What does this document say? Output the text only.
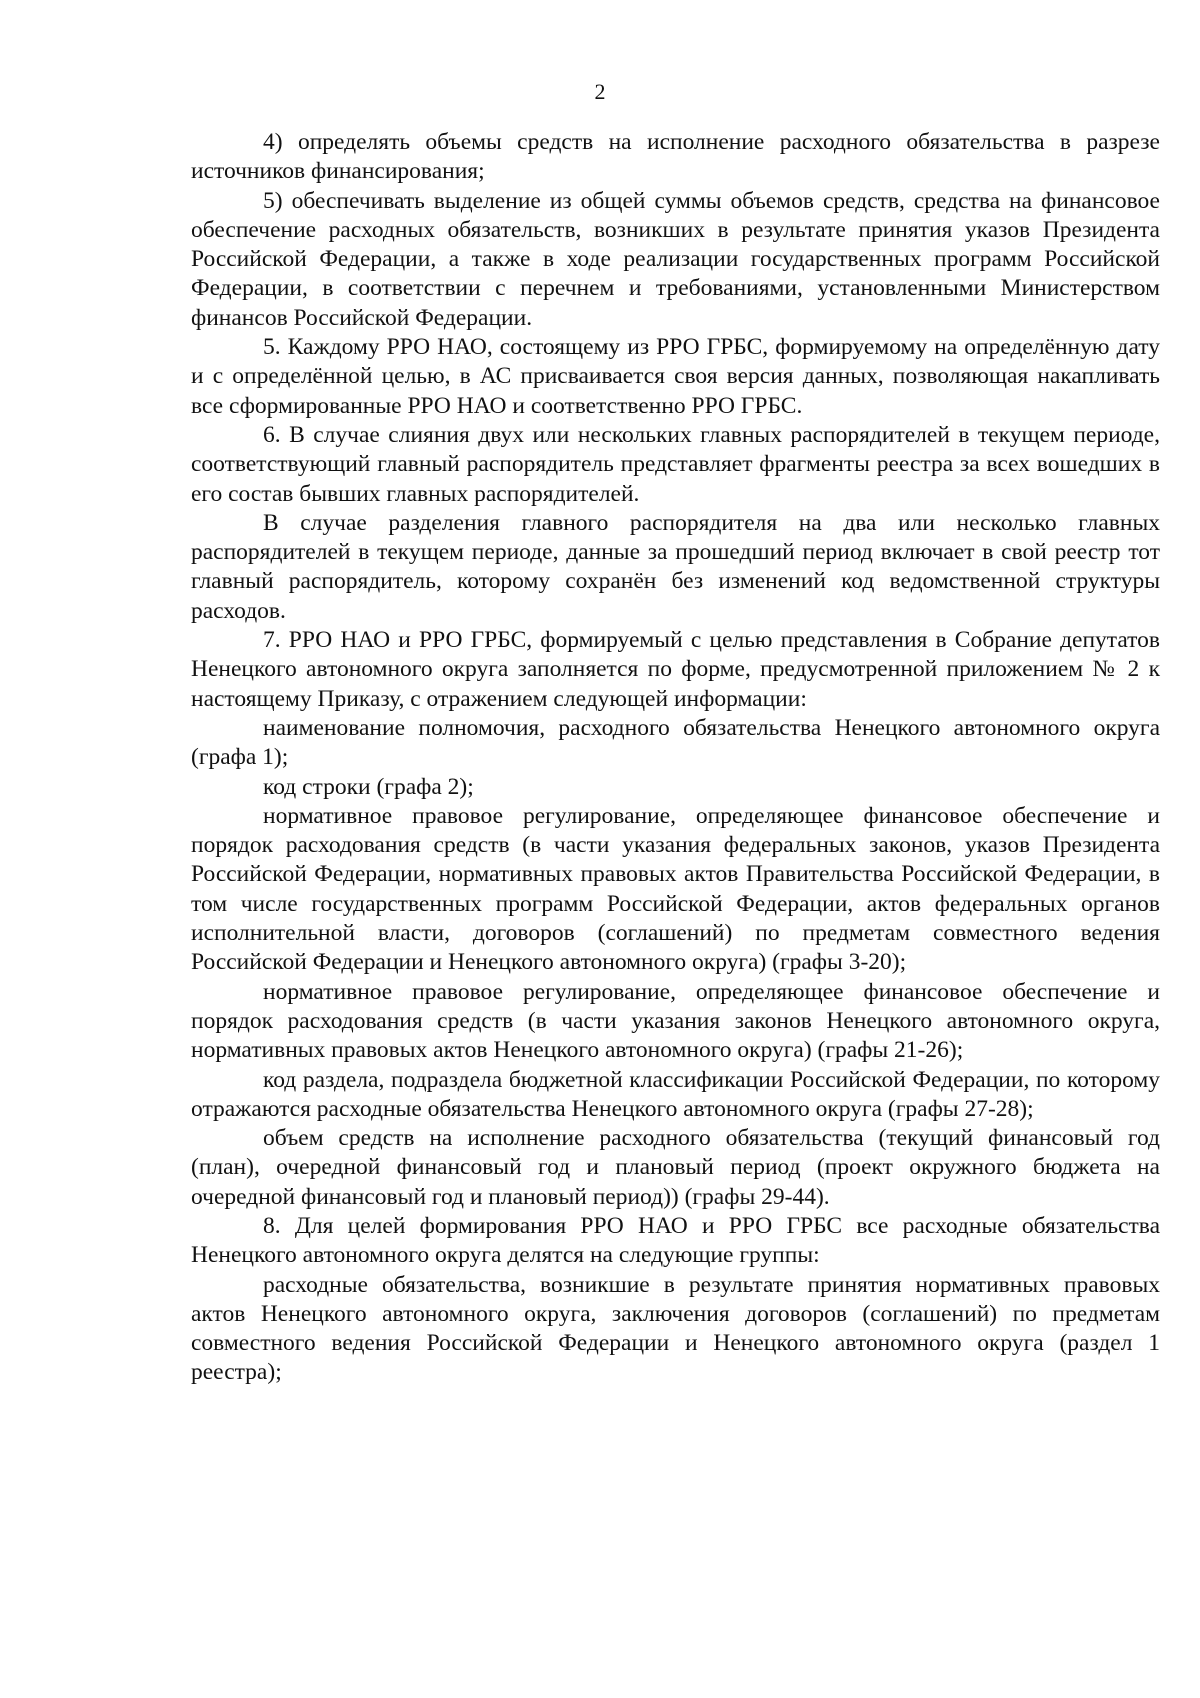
2

4) определять объемы средств на исполнение расходного обязательства в разрезе источников финансирования;

5) обеспечивать выделение из общей суммы объемов средств, средства на финансовое обеспечение расходных обязательств, возникших в результате принятия указов Президента Российской Федерации, а также в ходе реализации государственных программ Российской Федерации, в соответствии с перечнем и требованиями, установленными Министерством финансов Российской Федерации.

5. Каждому РРО НАО, состоящему из РРО ГРБС, формируемому на определённую дату и с определённой целью, в АС присваивается своя версия данных, позволяющая накапливать все сформированные РРО НАО и соответственно РРО ГРБС.

6. В случае слияния двух или нескольких главных распорядителей в текущем периоде, соответствующий главный распорядитель представляет фрагменты реестра за всех вошедших в его состав бывших главных распорядителей.

В случае разделения главного распорядителя на два или несколько главных распорядителей в текущем периоде, данные за прошедший период включает в свой реестр тот главный распорядитель, которому сохранён без изменений код ведомственной структуры расходов.

7. РРО НАО и РРО ГРБС, формируемый с целью представления в Собрание депутатов Ненецкого автономного округа заполняется по форме, предусмотренной приложением № 2 к настоящему Приказу, с отражением следующей информации:

наименование полномочия, расходного обязательства Ненецкого автономного округа (графа 1);

код строки (графа 2);

нормативное правовое регулирование, определяющее финансовое обеспечение и порядок расходования средств (в части указания федеральных законов, указов Президента Российской Федерации, нормативных правовых актов Правительства Российской Федерации, в том числе государственных программ Российской Федерации, актов федеральных органов исполнительной власти, договоров (соглашений) по предметам совместного ведения Российской Федерации и Ненецкого автономного округа) (графы 3-20);

нормативное правовое регулирование, определяющее финансовое обеспечение и порядок расходования средств (в части указания законов Ненецкого автономного округа, нормативных правовых актов Ненецкого автономного округа) (графы 21-26);

код раздела, подраздела бюджетной классификации Российской Федерации, по которому отражаются расходные обязательства Ненецкого автономного округа (графы 27-28);

объем средств на исполнение расходного обязательства (текущий финансовый год (план), очередной финансовый год и плановый период (проект окружного бюджета на очередной финансовый год и плановый период)) (графы 29-44).

8. Для целей формирования РРО НАО и РРО ГРБС все расходные обязательства Ненецкого автономного округа делятся на следующие группы:

расходные обязательства, возникшие в результате принятия нормативных правовых актов Ненецкого автономного округа, заключения договоров (соглашений) по предметам совместного ведения Российской Федерации и Ненецкого автономного округа (раздел 1 реестра);
